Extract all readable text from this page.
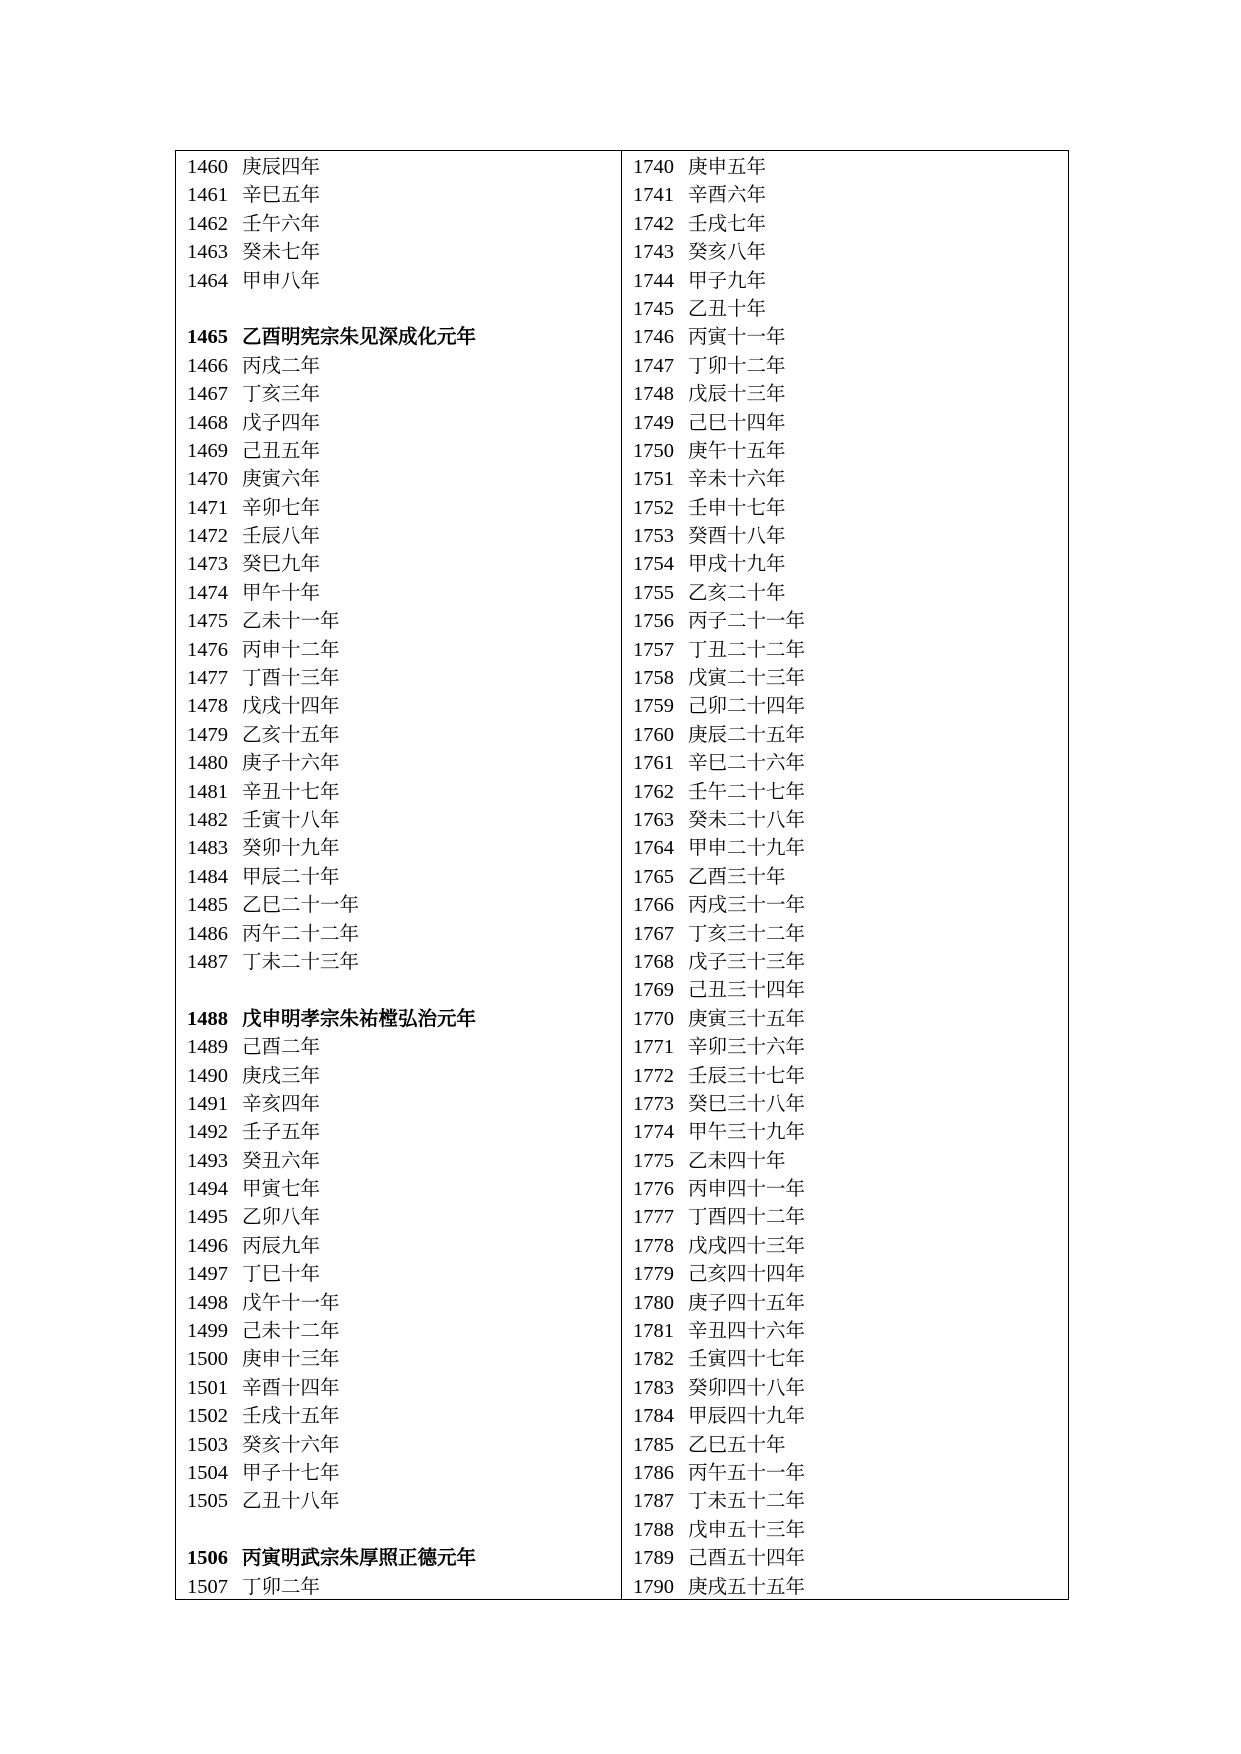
1460 庚辰四年
1461 辛巳五年
1462 壬午六年
1463 癸未七年
1464 甲申八年
1465 乙酉明宪宗朱见深成化元年
1466 丙戌二年
1467 丁亥三年
1468 戊子四年
1469 己丑五年
1470 庚寅六年
1471 辛卯七年
1472 壬辰八年
1473 癸巳九年
1474 甲午十年
1475 乙未十一年
1476 丙申十二年
1477 丁酉十三年
1478 戊戌十四年
1479 乙亥十五年
1480 庚子十六年
1481 辛丑十七年
1482 壬寅十八年
1483 癸卯十九年
1484 甲辰二十年
1485 乙巳二十一年
1486 丙午二十二年
1487 丁未二十三年
1488 戊申明孝宗朱祐樘弘治元年
1489 己酉二年
1490 庚戌三年
1491 辛亥四年
1492 壬子五年
1493 癸丑六年
1494 甲寅七年
1495 乙卯八年
1496 丙辰九年
1497 丁巳十年
1498 戊午十一年
1499 己未十二年
1500 庚申十三年
1501 辛酉十四年
1502 壬戌十五年
1503 癸亥十六年
1504 甲子十七年
1505 乙丑十八年
1506 丙寅明武宗朱厚照正德元年
1507 丁卯二年
1740 庚申五年
1741 辛酉六年
1742 壬戌七年
1743 癸亥八年
1744 甲子九年
1745 乙丑十年
1746 丙寅十一年
1747 丁卯十二年
1748 戊辰十三年
1749 己巳十四年
1750 庚午十五年
1751 辛未十六年
1752 壬申十七年
1753 癸酉十八年
1754 甲戌十九年
1755 乙亥二十年
1756 丙子二十一年
1757 丁丑二十二年
1758 戊寅二十三年
1759 己卯二十四年
1760 庚辰二十五年
1761 辛巳二十六年
1762 壬午二十七年
1763 癸未二十八年
1764 甲申二十九年
1765 乙酉三十年
1766 丙戌三十一年
1767 丁亥三十二年
1768 戊子三十三年
1769 己丑三十四年
1770 庚寅三十五年
1771 辛卯三十六年
1772 壬辰三十七年
1773 癸巳三十八年
1774 甲午三十九年
1775 乙未四十年
1776 丙申四十一年
1777 丁酉四十二年
1778 戊戌四十三年
1779 己亥四十四年
1780 庚子四十五年
1781 辛丑四十六年
1782 壬寅四十七年
1783 癸卯四十八年
1784 甲辰四十九年
1785 乙巳五十年
1786 丙午五十一年
1787 丁未五十二年
1788 戊申五十三年
1789 己酉五十四年
1790 庚戌五十五年
